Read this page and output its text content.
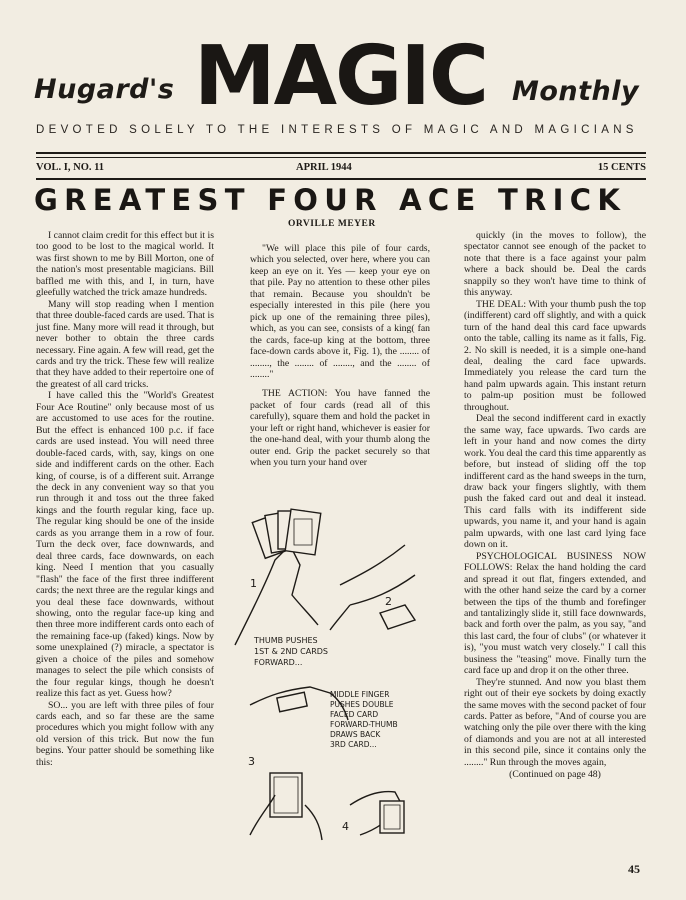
Hugard's MAGIC Monthly
DEVOTED SOLELY TO THE INTERESTS OF MAGIC AND MAGICIANS
VOL. I, NO. 11	APRIL 1944	15 CENTS
GREATEST FOUR ACE TRICK
ORVILLE MEYER

I cannot claim credit for this effect but it is too good to be lost to the magical world. It was first shown to me by Bill Morton, one of the nation's most presentable magicians. Bill baffled me with this, and I, in turn, have gleefully watched the trick amaze hundreds.

Many will stop reading when I mention that three double-faced cards are used. That is just fine. Many more will read it through, but never bother to obtain the three cards necessary. Fine again. A few will read, get the cards and try the trick. These few will realize that they have added to their repertoire one of the greatest of all card tricks.

I have called this the "World's Greatest Four Ace Routine" only because most of us are accustomed to use aces for the routine. But the effect is enhanced 100 p.c. if face cards are used instead. You will need three double-faced cards, with, say, kings on one side and indifferent cards on the other. Each king, of course, is of a different suit. Arrange the deck in any convenient way so that you run through it and toss out the three faked kings and the fourth regular king, face up. The regular king should be one of the inside cards as you arrange them in a row of four. Turn the deck over, face downwards, and deal three cards, face downwards, on each king. Need I mention that you casually "flash" the face of the first three indifferent cards; the next three are the regular kings and you deal these face downwards, without showing, onto the regular face-up king and then three more indifferent cards onto each of the remaining face-up (faked) kings. Now by some unexplained (?) miracle, a spectator is given a choice of the piles and somehow manages to select the pile which consists of the four regular kings, though he doesn't realize this fact as yet. Guess how?

SO... you are left with three piles of four cards each, and so far these are the same procedures which you might follow with any old version of this trick. But now the fun begins. Your patter should be something like this:

"We will place this pile of four cards, which you selected, over here, where you can keep an eye on it. Yes — keep your eye on that pile. Pay no attention to these other piles that remain. Because you shouldn't be especially interested in this pile (here you pick up one of the remaining three piles), which, as you can see, consists of a king( fan the cards, face-up king at the bottom, three face-down cards above it, Fig. 1), the ........ of ........, the ........ of ........, and the ........ of ........"

THE ACTION: You have fanned the packet of four cards (read all of this carefully), square them and hold the packet in your left or right hand, whichever is easier for the one-hand deal, with your thumb along the outer end. Grip the packet securely so that when you turn your hand over

quickly (in the moves to follow), the spectator cannot see enough of the packet to note that there is a face against your palm where a back should be. Deal the cards snappily so they won't have time to think of this anyway.

THE DEAL: With your thumb push the top (indifferent) card off slightly, and with a quick turn of the hand deal this card face upwards onto the table, calling its name as it falls, Fig. 2. No skill is needed, it is a simple one-hand deal, dealing the card face upwards. Immediately you release the card turn the hand palm upwards again. This instant return to palm-up position must be followed throughout.

Deal the second indifferent card in exactly the same way, face upwards. Two cards are left in your hand and now comes the dirty work. You deal the card this time apparently as before, but instead of sliding off the top indifferent card as the hand sweeps in the turn, draw back your fingers slightly, with them push the faked card out and deal it instead. This card falls with its indifferent side upwards, you name it, and your hand is again palm upwards, with one last card lying face down on it.

PSYCHOLOGICAL BUSINESS NOW FOLLOWS: Relax the hand holding the card and spread it out flat, fingers extended, and with the other hand seize the card by a corner between the tips of the thumb and forefinger and tantalizingly slide it, still face downwards, back and forth over the palm, as you say, "and this last card, the four of clubs" (or whatever it is), "you must watch very closely." I call this business the "teasing" move. Finally turn the card face up and drop it on the other three.

They're stunned. And now you blast them right out of their eye sockets by doing exactly the same moves with the second packet of four cards. Patter as before, "And of course you are watching only the pile over there with the king of diamonds and you are not at all interested in this second pile, since it contains only the ........" Run through the moves again,

(Continued on page 48)
1
2
3
4
THUMB PUSHES
1ST & 2ND CARDS
FORWARD...
MIDDLE FINGER
PUSHES DOUBLE
FACED CARD
FORWARD-THUMB
DRAWS BACK
3RD CARD...
45
